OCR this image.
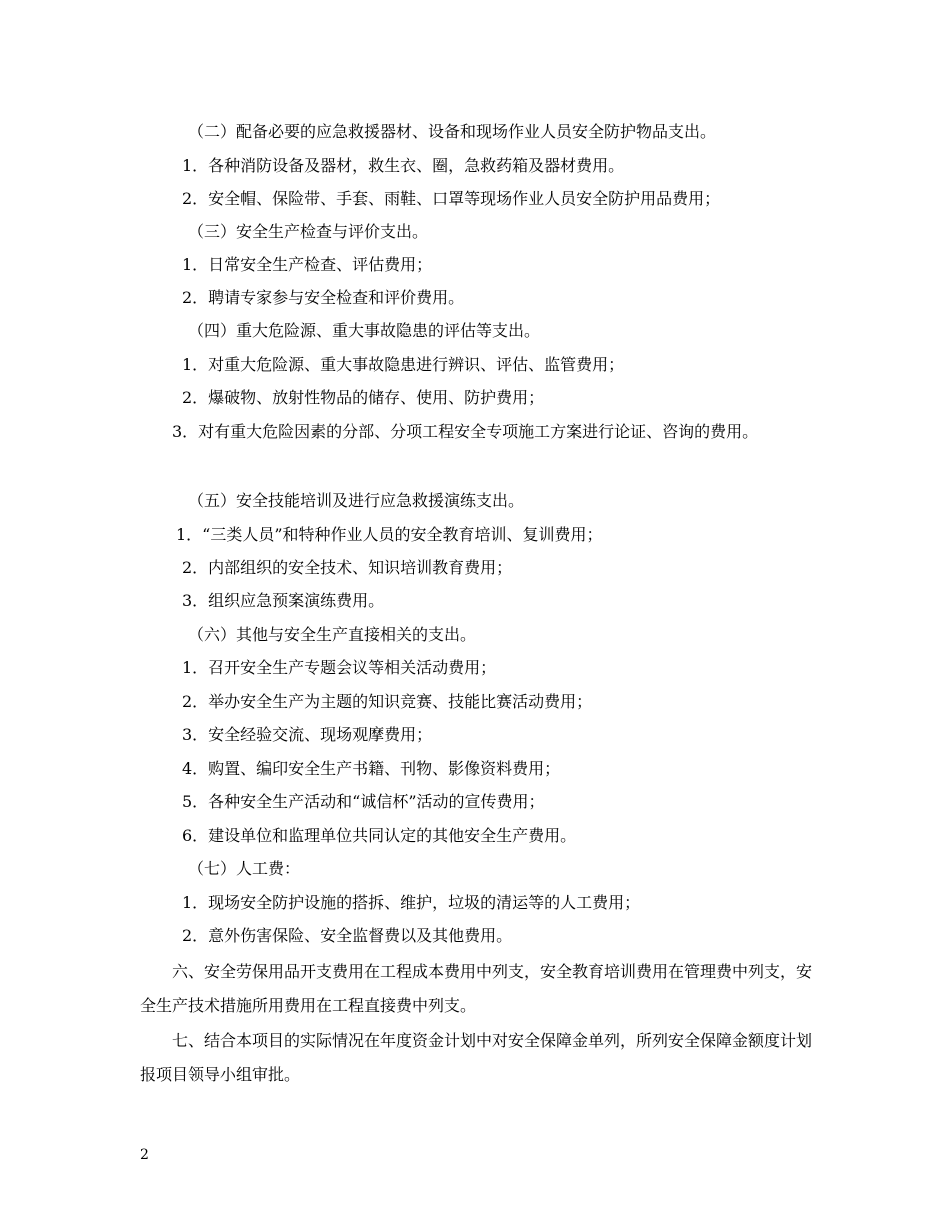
（二）配备必要的应急救援器材、设备和现场作业人员安全防护物品支出。
1．各种消防设备及器材，救生衣、圈，急救药箱及器材费用。
2．安全帽、保险带、手套、雨鞋、口罩等现场作业人员安全防护用品费用；
（三）安全生产检查与评价支出。
1．日常安全生产检查、评估费用；
2．聘请专家参与安全检查和评价费用。
（四）重大危险源、重大事故隐患的评估等支出。
1．对重大危险源、重大事故隐患进行辨识、评估、监管费用；
2．爆破物、放射性物品的储存、使用、防护费用；
3．对有重大危险因素的分部、分项工程安全专项施工方案进行论证、咨询的费用。
（五）安全技能培训及进行应急救援演练支出。
1．“三类人员”和特种作业人员的安全教育培训、复训费用；
2．内部组织的安全技术、知识培训教育费用；
3．组织应急预案演练费用。
（六）其他与安全生产直接相关的支出。
1．召开安全生产专题会议等相关活动费用；
2．举办安全生产为主题的知识竞赛、技能比赛活动费用；
3．安全经验交流、现场观摩费用；
4．购置、编印安全生产书籍、刊物、影像资料费用；
5．各种安全生产活动和“诚信杯”活动的宣传费用；
6．建设单位和监理单位共同认定的其他安全生产费用。
（七）人工费：
1．现场安全防护设施的搭拆、维护，垃圾的清运等的人工费用；
2．意外伤害保险、安全监督费以及其他费用。
六、安全劳保用品开支费用在工程成本费用中列支，安全教育培训费用在管理费中列支，安全生产技术措施所用费用在工程直接费中列支。
七、结合本项目的实际情况在年度资金计划中对安全保障金单列，所列安全保障金额度计划报项目领导小组审批。
2
